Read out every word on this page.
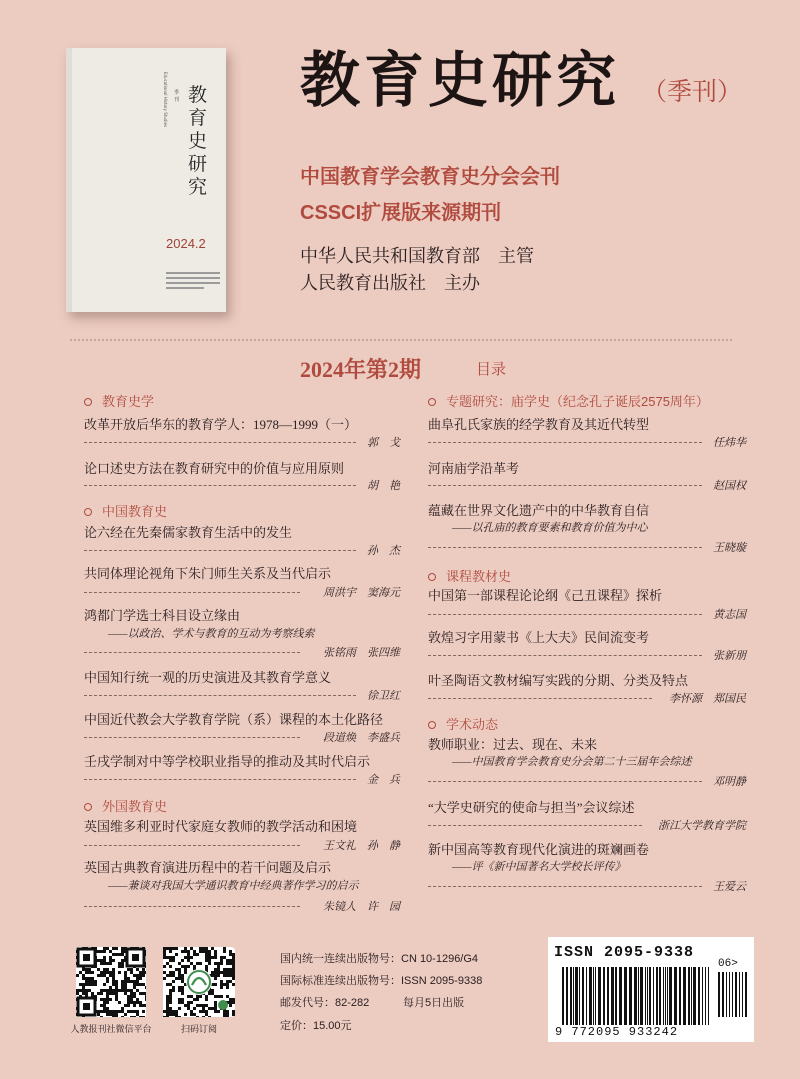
教育史研究
季刊
Educational History Studies
2024.2
教育史研究 （季刊）
中国教育学会教育史分会会刊
CSSCI扩展版来源期刊
中华人民共和国教育部　主管
人民教育出版社　主办
2024年第2期	目录
教育史学
改革开放后华东的教育学人：1978—1999（一）
郭　戈
论口述史方法在教育研究中的价值与应用原则
胡　艳
中国教育史
论六经在先秦儒家教育生活中的发生
孙　杰
共同体理论视角下朱门师生关系及当代启示
周洪宇　窦海元
鸿都门学选士科目设立缘由
——以政治、学术与教育的互动为考察线索
张铭雨　张四维
中国知行统一观的历史演进及其教育学意义
徐卫红
中国近代教会大学教育学院（系）课程的本土化路径
段道焕　李盛兵
壬戌学制对中等学校职业指导的推动及其时代启示
金　兵
外国教育史
英国维多利亚时代家庭女教师的教学活动和困境
王文礼　孙　静
英国古典教育演进历程中的若干问题及启示
——兼谈对我国大学通识教育中经典著作学习的启示
朱镜人　许　园
专题研究：庙学史（纪念孔子诞辰2575周年）
曲阜孔氏家族的经学教育及其近代转型
任炜华
河南庙学沿革考
赵国权
蕴藏在世界文化遗产中的中华教育自信
——以孔庙的教育要素和教育价值为中心
王晓璇
课程教材史
中国第一部课程论论纲《己丑课程》探析
黄志国
敦煌习字用蒙书《上大夫》民间流变考
张新朋
叶圣陶语文教材编写实践的分期、分类及特点
李怀源　郑国民
学术动态
教师职业：过去、现在、未来
——中国教育学会教育史分会第二十三届年会综述
邓明静
“大学史研究的使命与担当”会议综述
浙江大学教育学院
新中国高等教育现代化演进的斑斓画卷
——评《新中国著名大学校长评传》
王爱云
人教报刊社微信平台	扫码订阅
国内统一连续出版物号：CN 10-1296/G4
国际标准连续出版物号：ISSN 2095-9338
邮发代号：82-282	每月5日出版
定价：15.00元
ISSN 2095-9338
06>
9 772095 933242
